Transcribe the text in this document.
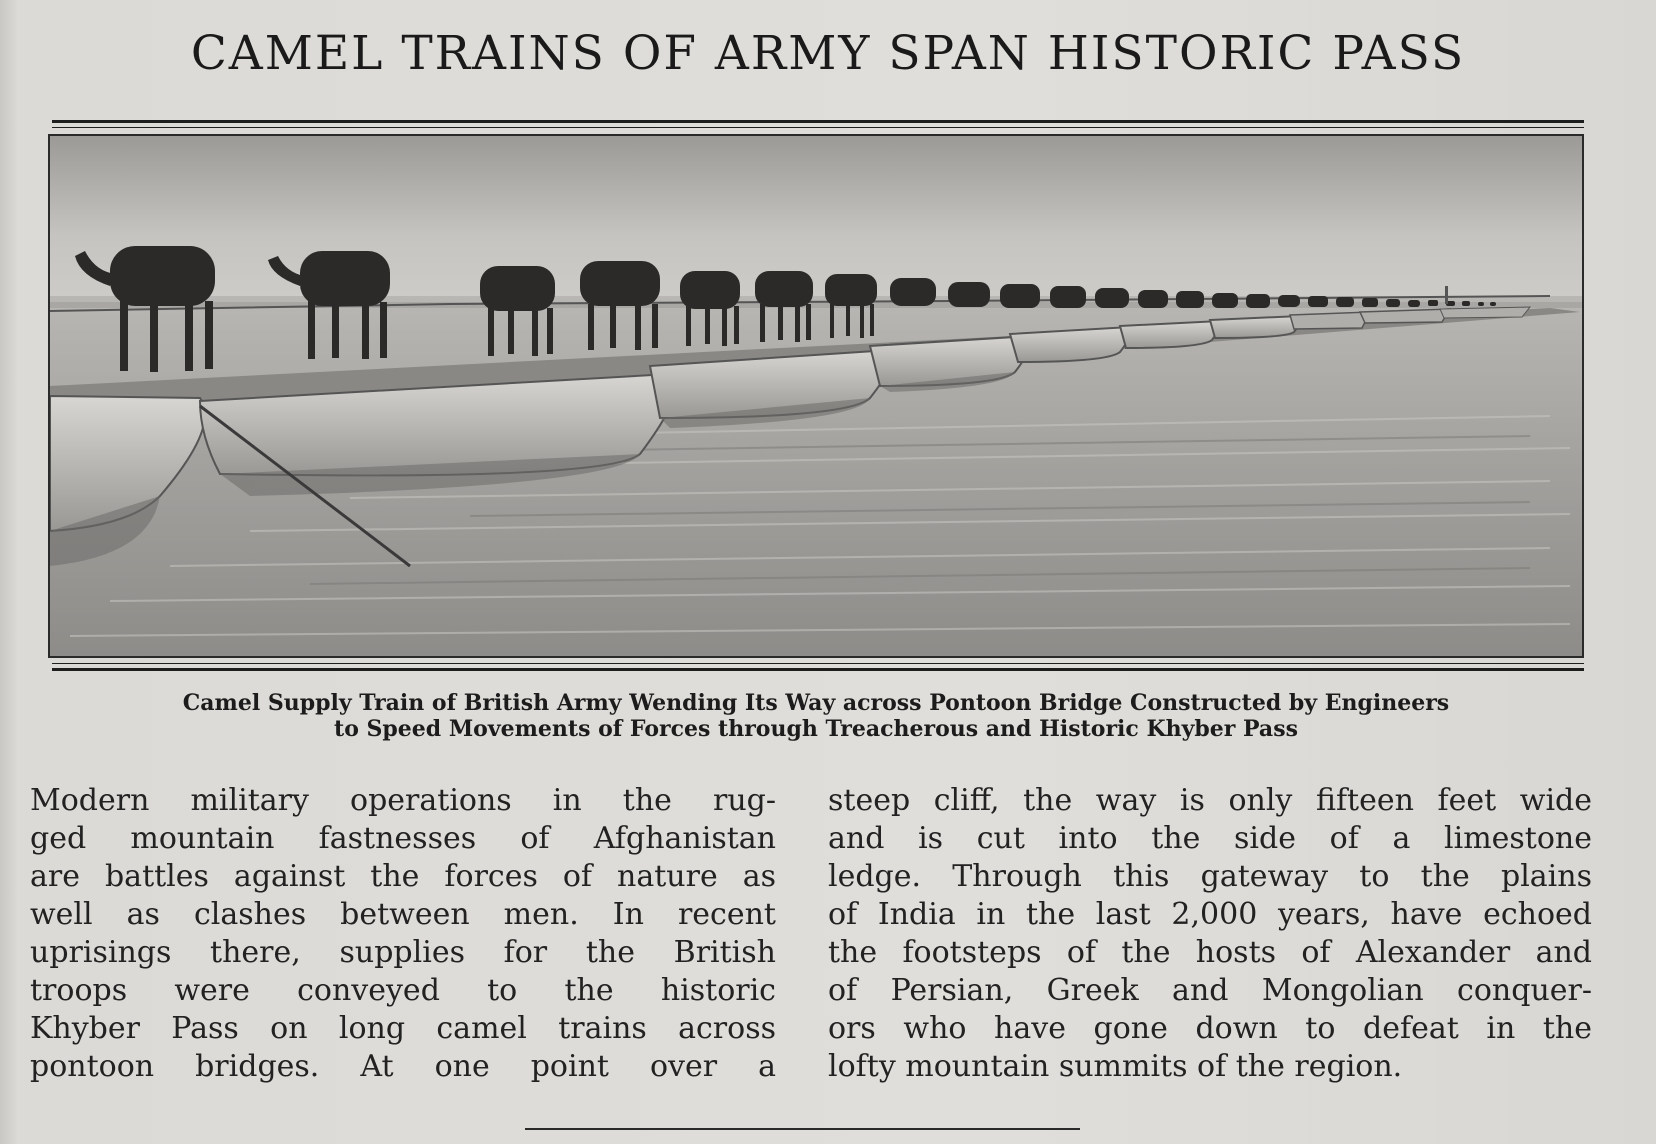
CAMEL TRAINS OF ARMY SPAN HISTORIC PASS
Camel Supply Train of British Army Wending Its Way across Pontoon Bridge Constructed by Engineers
to Speed Movements of Forces through Treacherous and Historic Khyber Pass
Modern military operations in the rug-
ged mountain fastnesses of Afghanistan
are battles against the forces of nature as
well as clashes between men. In recent
uprisings there, supplies for the British
troops were conveyed to the historic
Khyber Pass on long camel trains across
pontoon bridges. At one point over a
steep cliff, the way is only fifteen feet wide
and is cut into the side of a limestone
ledge. Through this gateway to the plains
of India in the last 2,000 years, have echoed
the footsteps of the hosts of Alexander and
of Persian, Greek and Mongolian conquer-
ors who have gone down to defeat in the
lofty mountain summits of the region.
